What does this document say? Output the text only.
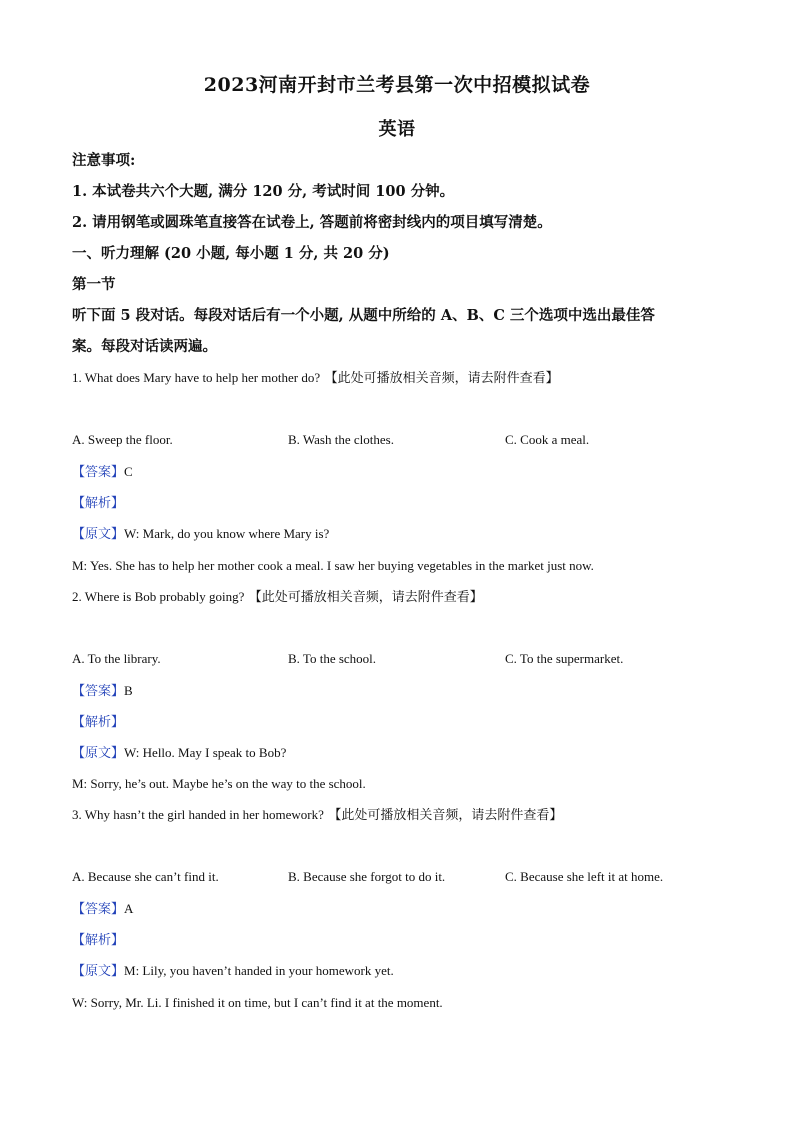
2023河南开封市兰考县第一次中招模拟试卷
英语
注意事项:
1. 本试卷共六个大题, 满分 120 分, 考试时间 100 分钟。
2. 请用钢笔或圆珠笔直接答在试卷上, 答题前将密封线内的项目填写清楚。
一、听力理解 (20 小题, 每小题 1 分, 共 20 分)
第一节
听下面 5 段对话。每段对话后有一个小题, 从题中所给的 A、B、C 三个选项中选出最佳答
案。每段对话读两遍。
1. What does Mary have to help her mother do? 【此处可播放相关音频，请去附件查看】
A. Sweep the floor.	B. Wash the clothes.	C. Cook a meal.
【答案】C
【解析】
【原文】W: Mark, do you know where Mary is?
M: Yes. She has to help her mother cook a meal. I saw her buying vegetables in the market just now.
2. Where is Bob probably going? 【此处可播放相关音频，请去附件查看】
A. To the library.	B. To the school.	C. To the supermarket.
【答案】B
【解析】
【原文】W: Hello. May I speak to Bob?
M: Sorry, he’s out. Maybe he’s on the way to the school.
3. Why hasn’t the girl handed in her homework? 【此处可播放相关音频，请去附件查看】
A. Because she can’t find it.	B. Because she forgot to do it.	C. Because she left it at home.
【答案】A
【解析】
【原文】M: Lily, you haven’t handed in your homework yet.
W: Sorry, Mr. Li. I finished it on time, but I can’t find it at the moment.
